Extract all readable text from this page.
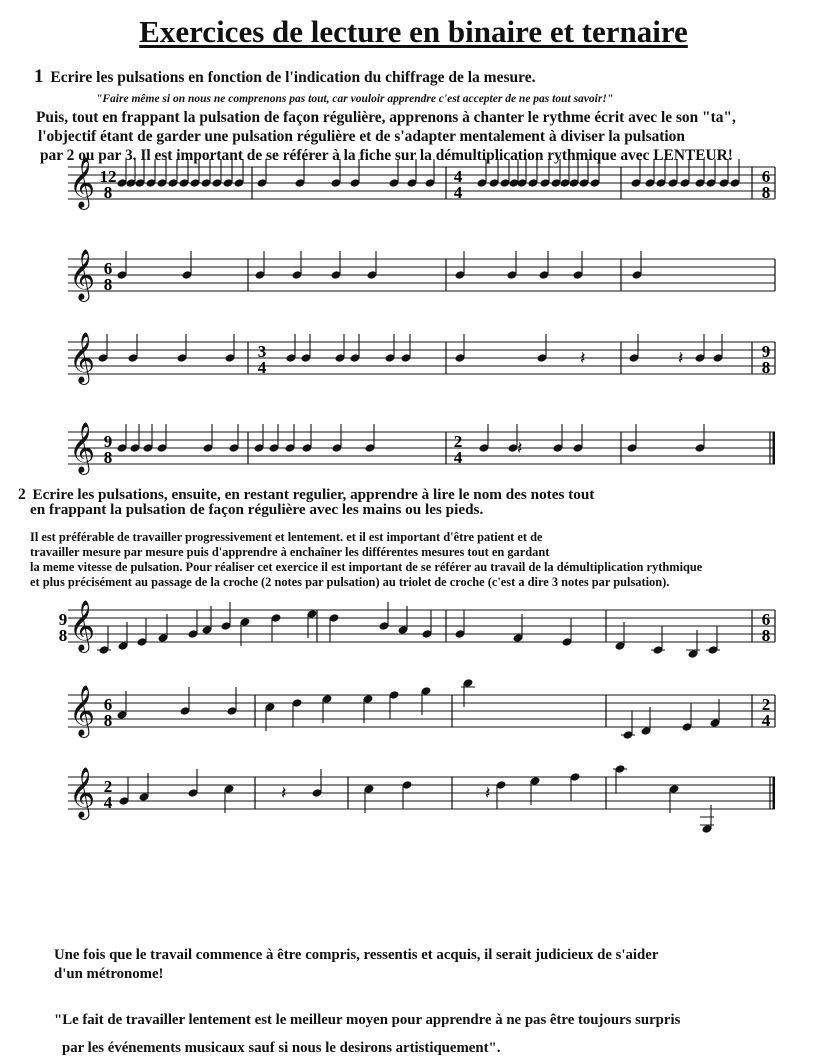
Exercices de lecture en binaire et ternaire
1 Ecrire les pulsations en fonction de l'indication du chiffrage de la mesure.
"Faire même si on nous ne comprenons pas tout, car vouloir apprendre c'est accepter de ne pas tout savoir!"
Puis, tout en frappant la pulsation de façon régulière, apprenons à chanter le rythme écrit avec le son "ta",
l'objectif étant de garder une pulsation régulière et de s'adapter mentalement à diviser la pulsation
par 2 ou par 3. Il est important de se référer à la fiche sur la démultiplication rythmique avec LENTEUR!
2 Ecrire les pulsations, ensuite, en restant regulier, apprendre à lire le nom des notes tout
en frappant la pulsation de façon régulière avec les mains ou les pieds.
Il est préférable de travailler progressivement et lentement. et il est important d'être patient et de
travailler mesure par mesure puis d'apprendre à enchaîner les différentes mesures tout en gardant
la meme vitesse de pulsation. Pour réaliser cet exercice il est important de se référer au travail de la démultiplication rythmique
et plus précisément au passage de la croche (2 notes par pulsation) au triolet de croche (c'est a dire 3 notes par pulsation).
Une fois que le travail commence à être compris, ressentis et acquis, il serait judicieux de s'aider
d'un métronome!
"Le fait de travailler lentement est le meilleur moyen pour apprendre à ne pas être toujours surpris
par les événements musicaux sauf si nous le desirons artistiquement".
𝄞 12
8
4
4
6
8
𝄞 6
8
𝄞	3
4
9
8
𝄽	𝄽
𝄞 9
8
2
4	𝄽
𝄞
9
8
6
8
𝄞 6
8
2
4
𝄞 2
4	𝄽	𝄽
